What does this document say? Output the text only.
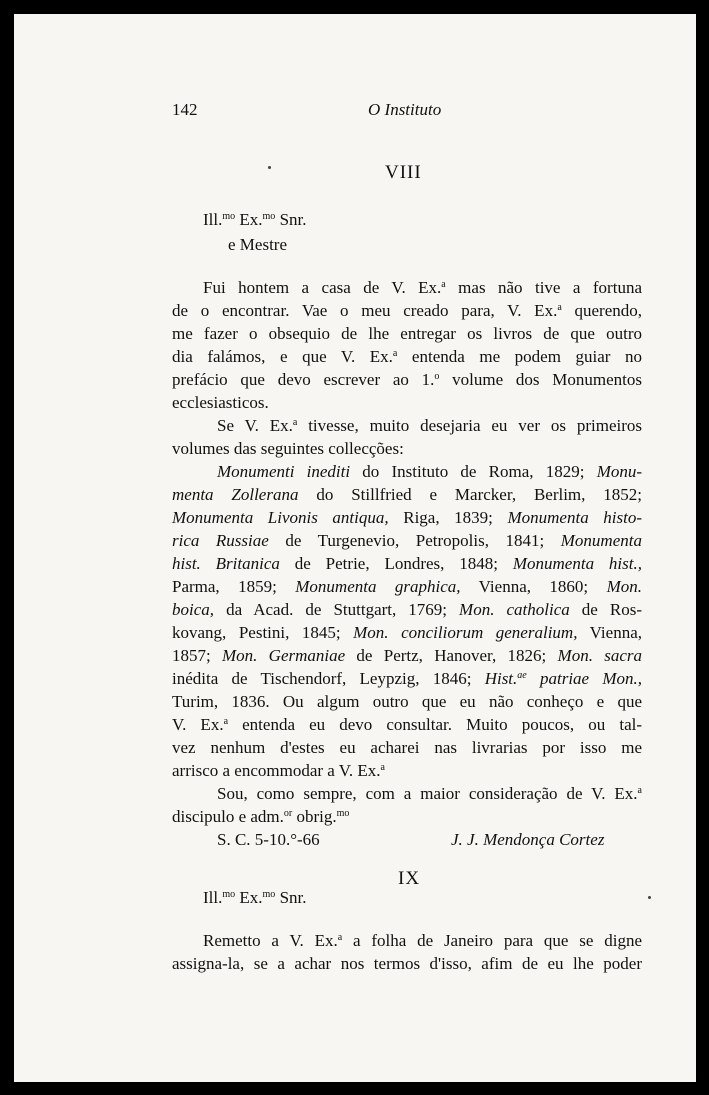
142	O Instituto
VIII
Ill.$^{mo}$ Ex.$^{mo}$ Snr.
e Mestre
Fui hontem a casa de V. Ex.$^a$ mas não tive a fortuna
de o encontrar. Vae o meu creado para, V. Ex.$^a$ querendo,
me fazer o obsequio de lhe entregar os livros de que outro
dia falámos, e que V. Ex.$^a$ entenda me podem guiar no
prefácio que devo escrever ao 1.$^o$ volume dos Monumentos
ecclesiasticos.
Se V. Ex.$^a$ tivesse, muito desejaria eu ver os primeiros
volumes das seguintes collecções:
Monumenti inediti do Instituto de Roma, 1829; Monu-
menta Zollerana do Stillfried e Marcker, Berlim, 1852;
Monumenta Livonis antiqua, Riga, 1839; Monumenta histo-
rica Russiae de Turgenevio, Petropolis, 1841; Monumenta
hist. Britanica de Petrie, Londres, 1848; Monumenta hist.,
Parma, 1859; Monumenta graphica, Vienna, 1860; Mon.
boica, da Acad. de Stuttgart, 1769; Mon. catholica de Ros-
kovang, Pestini, 1845; Mon. conciliorum generalium, Vienna,
1857; Mon. Germaniae de Pertz, Hanover, 1826; Mon. sacra
inédita de Tischendorf, Leypzig, 1846; Hist.$^{ae}$ patriae Mon.,
Turim, 1836. Ou algum outro que eu não conheço e que
V. Ex.$^a$ entenda eu devo consultar. Muito poucos, ou tal-
vez nenhum d'estes eu acharei nas livrarias por isso me
arrisco a encommodar a V. Ex.$^a$
Sou, como sempre, com a maior consideração de V. Ex.$^a$
discipulo e adm.$^{or}$ obrig.$^{mo}$
S. C. 5-10.°-66	J. J. Mendonça Cortez
IX
Ill.$^{mo}$ Ex.$^{mo}$ Snr.
Remetto a V. Ex.$^a$ a folha de Janeiro para que se digne
assigna-la, se a achar nos termos d'isso, afim de eu lhe poder
